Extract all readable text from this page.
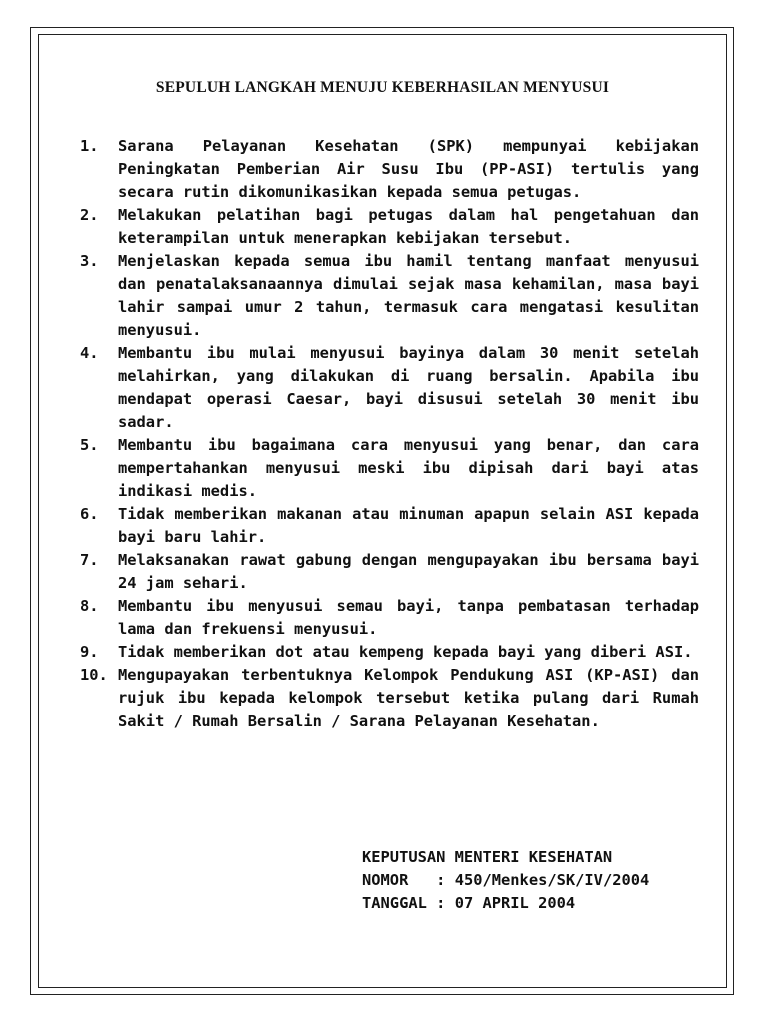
SEPULUH LANGKAH MENUJU KEBERHASILAN MENYUSUI
1. Sarana Pelayanan Kesehatan (SPK) mempunyai kebijakan Peningkatan Pemberian Air Susu Ibu (PP-ASI) tertulis yang secara rutin dikomunikasikan kepada semua petugas.
2. Melakukan pelatihan bagi petugas dalam hal pengetahuan dan keterampilan untuk menerapkan kebijakan tersebut.
3. Menjelaskan kepada semua ibu hamil tentang manfaat menyusui dan penatalaksanaannya dimulai sejak masa kehamilan, masa bayi lahir sampai umur 2 tahun, termasuk cara mengatasi kesulitan menyusui.
4. Membantu ibu mulai menyusui bayinya dalam 30 menit setelah melahirkan, yang dilakukan di ruang bersalin. Apabila ibu mendapat operasi Caesar, bayi disusui setelah 30 menit ibu sadar.
5. Membantu ibu bagaimana cara menyusui yang benar, dan cara mempertahankan menyusui meski ibu dipisah dari bayi atas indikasi medis.
6. Tidak memberikan makanan atau minuman apapun selain ASI kepada bayi baru lahir.
7. Melaksanakan rawat gabung dengan mengupayakan ibu bersama bayi 24 jam sehari.
8. Membantu ibu menyusui semau bayi, tanpa pembatasan terhadap lama dan frekuensi menyusui.
9. Tidak memberikan dot atau kempeng kepada bayi yang diberi ASI.
10. Mengupayakan terbentuknya Kelompok Pendukung ASI (KP-ASI) dan rujuk ibu kepada kelompok tersebut ketika pulang dari Rumah Sakit / Rumah Bersalin / Sarana Pelayanan Kesehatan.
KEPUTUSAN MENTERI KESEHATAN
NOMOR : 450/Menkes/SK/IV/2004
TANGGAL : 07 APRIL 2004
